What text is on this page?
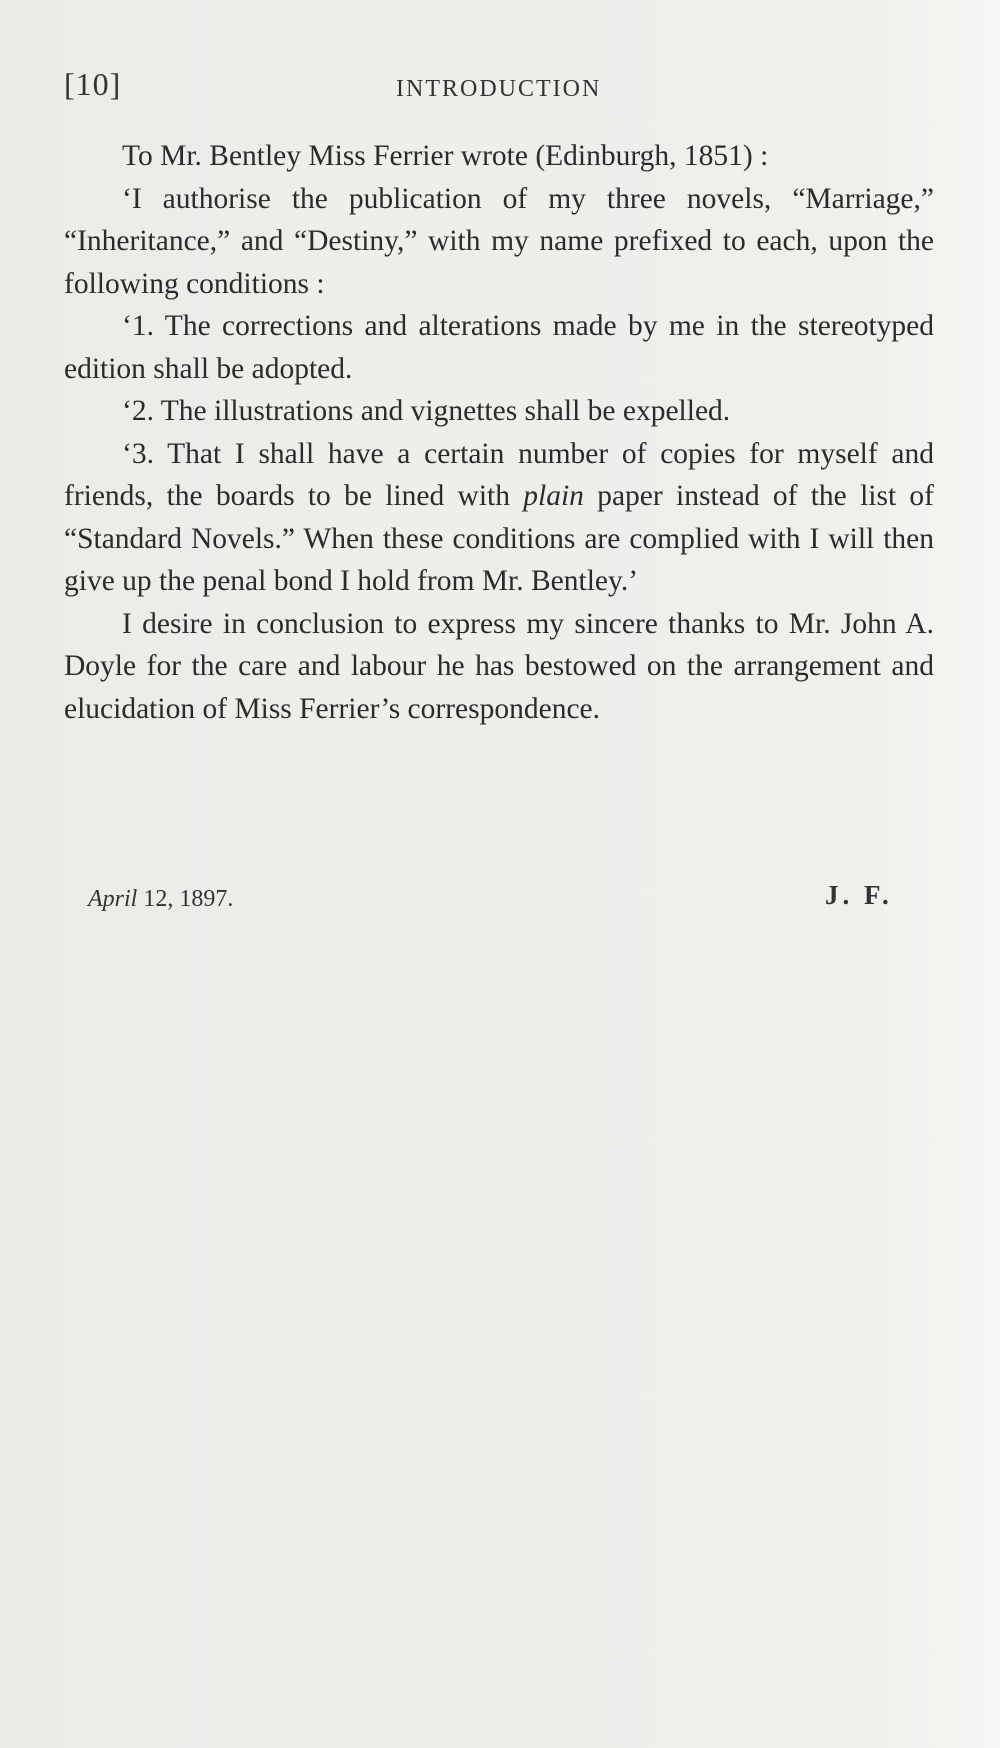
[10]	INTRODUCTION

To Mr. Bentley Miss Ferrier wrote (Edinburgh, 1851) :

‘I authorise the publication of my three novels, “Marriage,” “Inheritance,” and “Destiny,” with my name prefixed to each, upon the following conditions :

‘1. The corrections and alterations made by me in the stereotyped edition shall be adopted.

‘2. The illustrations and vignettes shall be expelled.

‘3. That I shall have a certain number of copies for myself and friends, the boards to be lined with plain paper instead of the list of “Standard Novels.” When these conditions are complied with I will then give up the penal bond I hold from Mr. Bentley.’

I desire in conclusion to express my sincere thanks to Mr. John A. Doyle for the care and labour he has bestowed on the arrangement and elucidation of Miss Ferrier’s correspondence.

April 12, 1897.	J. F.
